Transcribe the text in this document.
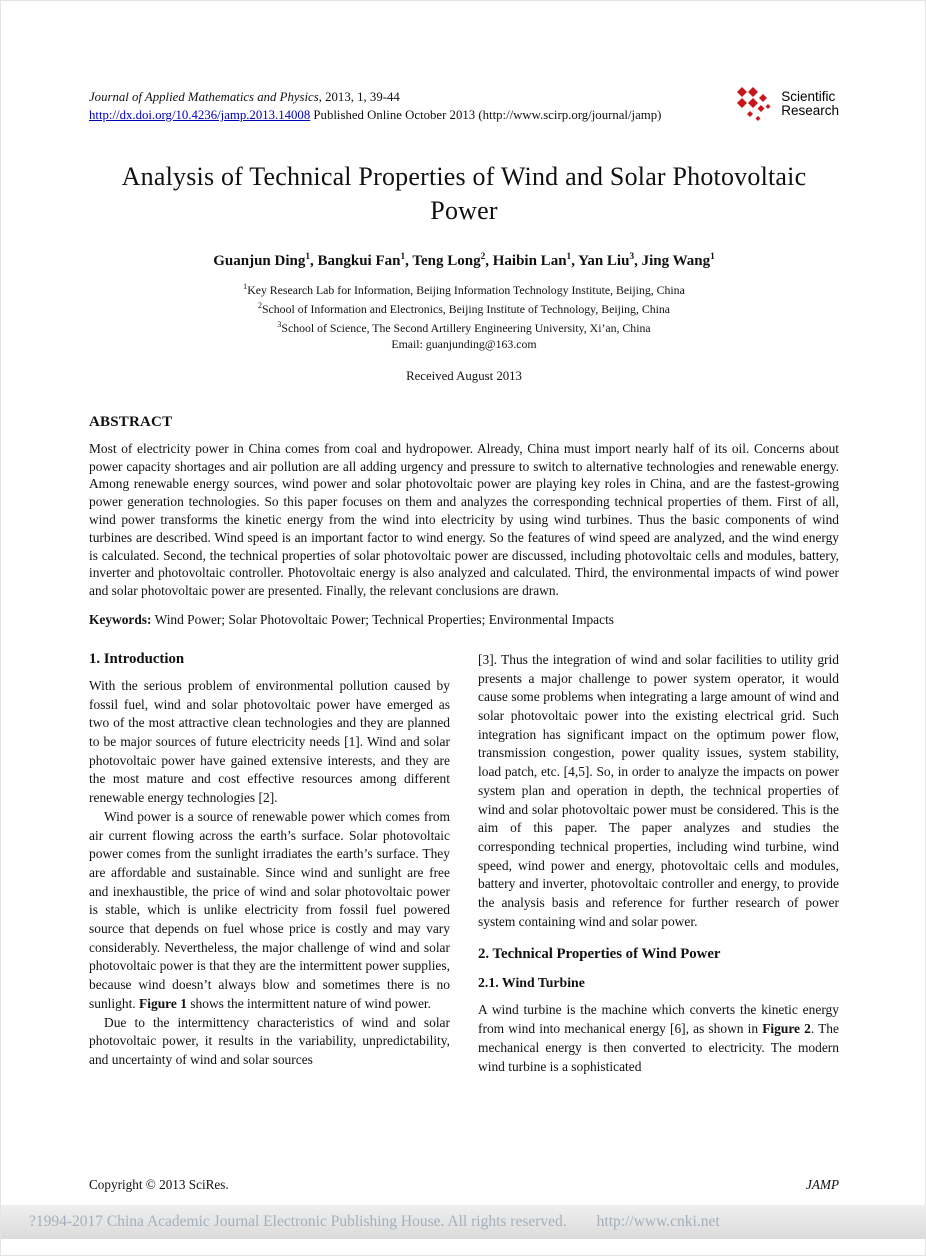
Journal of Applied Mathematics and Physics, 2013, 1, 39-44
http://dx.doi.org/10.4236/jamp.2013.14008 Published Online October 2013 (http://www.scirp.org/journal/jamp)
Scientific
Research
Analysis of Technical Properties of Wind and Solar Photovoltaic Power
Guanjun Ding$^1$, Bangkui Fan$^1$, Teng Long$^2$, Haibin Lan$^1$, Yan Liu$^3$, Jing Wang$^1$
$^1$Key Research Lab for Information, Beijing Information Technology Institute, Beijing, China
$^2$School of Information and Electronics, Beijing Institute of Technology, Beijing, China
$^3$School of Science, The Second Artillery Engineering University, Xi’an, China
Email: guanjunding@163.com
Received August 2013
ABSTRACT

Most of electricity power in China comes from coal and hydropower. Already, China must import nearly half of its oil. Concerns about power capacity shortages and air pollution are all adding urgency and pressure to switch to alternative technologies and renewable energy. Among renewable energy sources, wind power and solar photovoltaic power are playing key roles in China, and are the fastest-growing power generation technologies. So this paper focuses on them and analyzes the corresponding technical properties of them. First of all, wind power transforms the kinetic energy from the wind into electricity by using wind turbines. Thus the basic components of wind turbines are described. Wind speed is an important factor to wind energy. So the features of wind speed are analyzed, and the wind energy is calculated. Second, the technical properties of solar photovoltaic power are discussed, including photovoltaic cells and modules, battery, inverter and photovoltaic controller. Photovoltaic energy is also analyzed and calculated. Third, the environmental impacts of wind power and solar photovoltaic power are presented. Finally, the relevant conclusions are drawn.

Keywords: Wind Power; Solar Photovoltaic Power; Technical Properties; Environmental Impacts

1. Introduction

With the serious problem of environmental pollution caused by fossil fuel, wind and solar photovoltaic power have emerged as two of the most attractive clean technologies and they are planned to be major sources of future electricity needs [1]. Wind and solar photovoltaic power have gained extensive interests, and they are the most mature and cost effective resources among different renewable energy technologies [2].

Wind power is a source of renewable power which comes from air current flowing across the earth’s surface. Solar photovoltaic power comes from the sunlight irradiates the earth’s surface. They are affordable and sustainable. Since wind and sunlight are free and inexhaustible, the price of wind and solar photovoltaic power is stable, which is unlike electricity from fossil fuel powered source that depends on fuel whose price is costly and may vary considerably. Nevertheless, the major challenge of wind and solar photovoltaic power is that they are the intermittent power supplies, because wind doesn’t always blow and sometimes there is no sunlight. Figure 1 shows the intermittent nature of wind power.

Due to the intermittency characteristics of wind and solar photovoltaic power, it results in the variability, unpredictability, and uncertainty of wind and solar sources

[3]. Thus the integration of wind and solar facilities to utility grid presents a major challenge to power system operator, it would cause some problems when integrating a large amount of wind and solar photovoltaic power into the existing electrical grid. Such integration has significant impact on the optimum power flow, transmission congestion, power quality issues, system stability, load patch, etc. [4,5]. So, in order to analyze the impacts on power system plan and operation in depth, the technical properties of wind and solar photovoltaic power must be considered. This is the aim of this paper. The paper analyzes and studies the corresponding technical properties, including wind turbine, wind speed, wind power and energy, photovoltaic cells and modules, battery and inverter, photovoltaic controller and energy, to provide the analysis basis and reference for further research of power system containing wind and solar power.

2. Technical Properties of Wind Power
2.1. Wind Turbine

A wind turbine is the machine which converts the kinetic energy from wind into mechanical energy [6], as shown in Figure 2. The mechanical energy is then converted to electricity. The modern wind turbine is a sophisticated

Copyright © 2013 SciRes.	JAMP
?1994-2017 China Academic Journal Electronic Publishing House. All rights reserved. http://www.cnki.net
